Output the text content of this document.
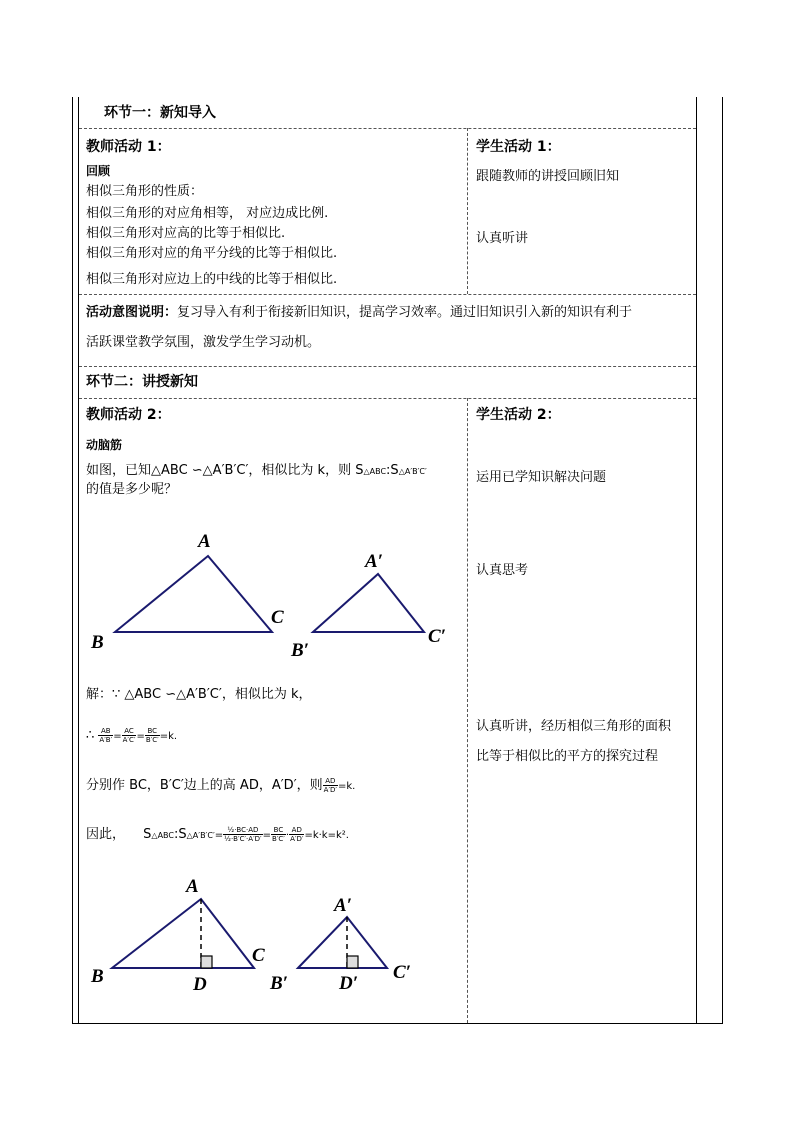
环节一：新知导入
教师活动 1：
回顾
相似三角形的性质：
相似三角形的对应角相等， 对应边成比例.
相似三角形对应高的比等于相似比.
相似三角形对应的角平分线的比等于相似比.
相似三角形对应边上的中线的比等于相似比.
学生活动 1：
跟随教师的讲授回顾旧知
认真听讲
活动意图说明：复习导入有利于衔接新旧知识，提高学习效率。通过旧知识引入新的知识有利于
活跃课堂教学氛围，激发学生学习动机。
环节二：讲授新知
教师活动 2：
动脑筋
如图，已知△ABC ∽△A′B′C′，相似比为 k，则 S△ABC:S△A′B′C′
的值是多少呢？
A
B
C
A′
B′
C′
解：∵ △ABC ∽△A′B′C′，相似比为 k，
∴ $\frac{AB}{A'B'} = \frac{AC}{A'C'} = \frac{BC}{B'C'} =k$.
分别作 BC，B′C′边上的高 AD，A′D′，则 $\frac{AD}{A'D'} =k$.
因此， S△ABC:S△A′B′C′= $\frac{\text{½·BC·AD}}{\text{½·B′C′·A′D′}} = \frac{BC}{B'C'} \cdot \frac{AD}{A'D'} =k\cdot k=k^2$.
A
B
C
D
A′
B′
C′
D′
学生活动 2：
运用已学知识解决问题
认真思考
认真听讲，经历相似三角形的面积
比等于相似比的平方的探究过程
